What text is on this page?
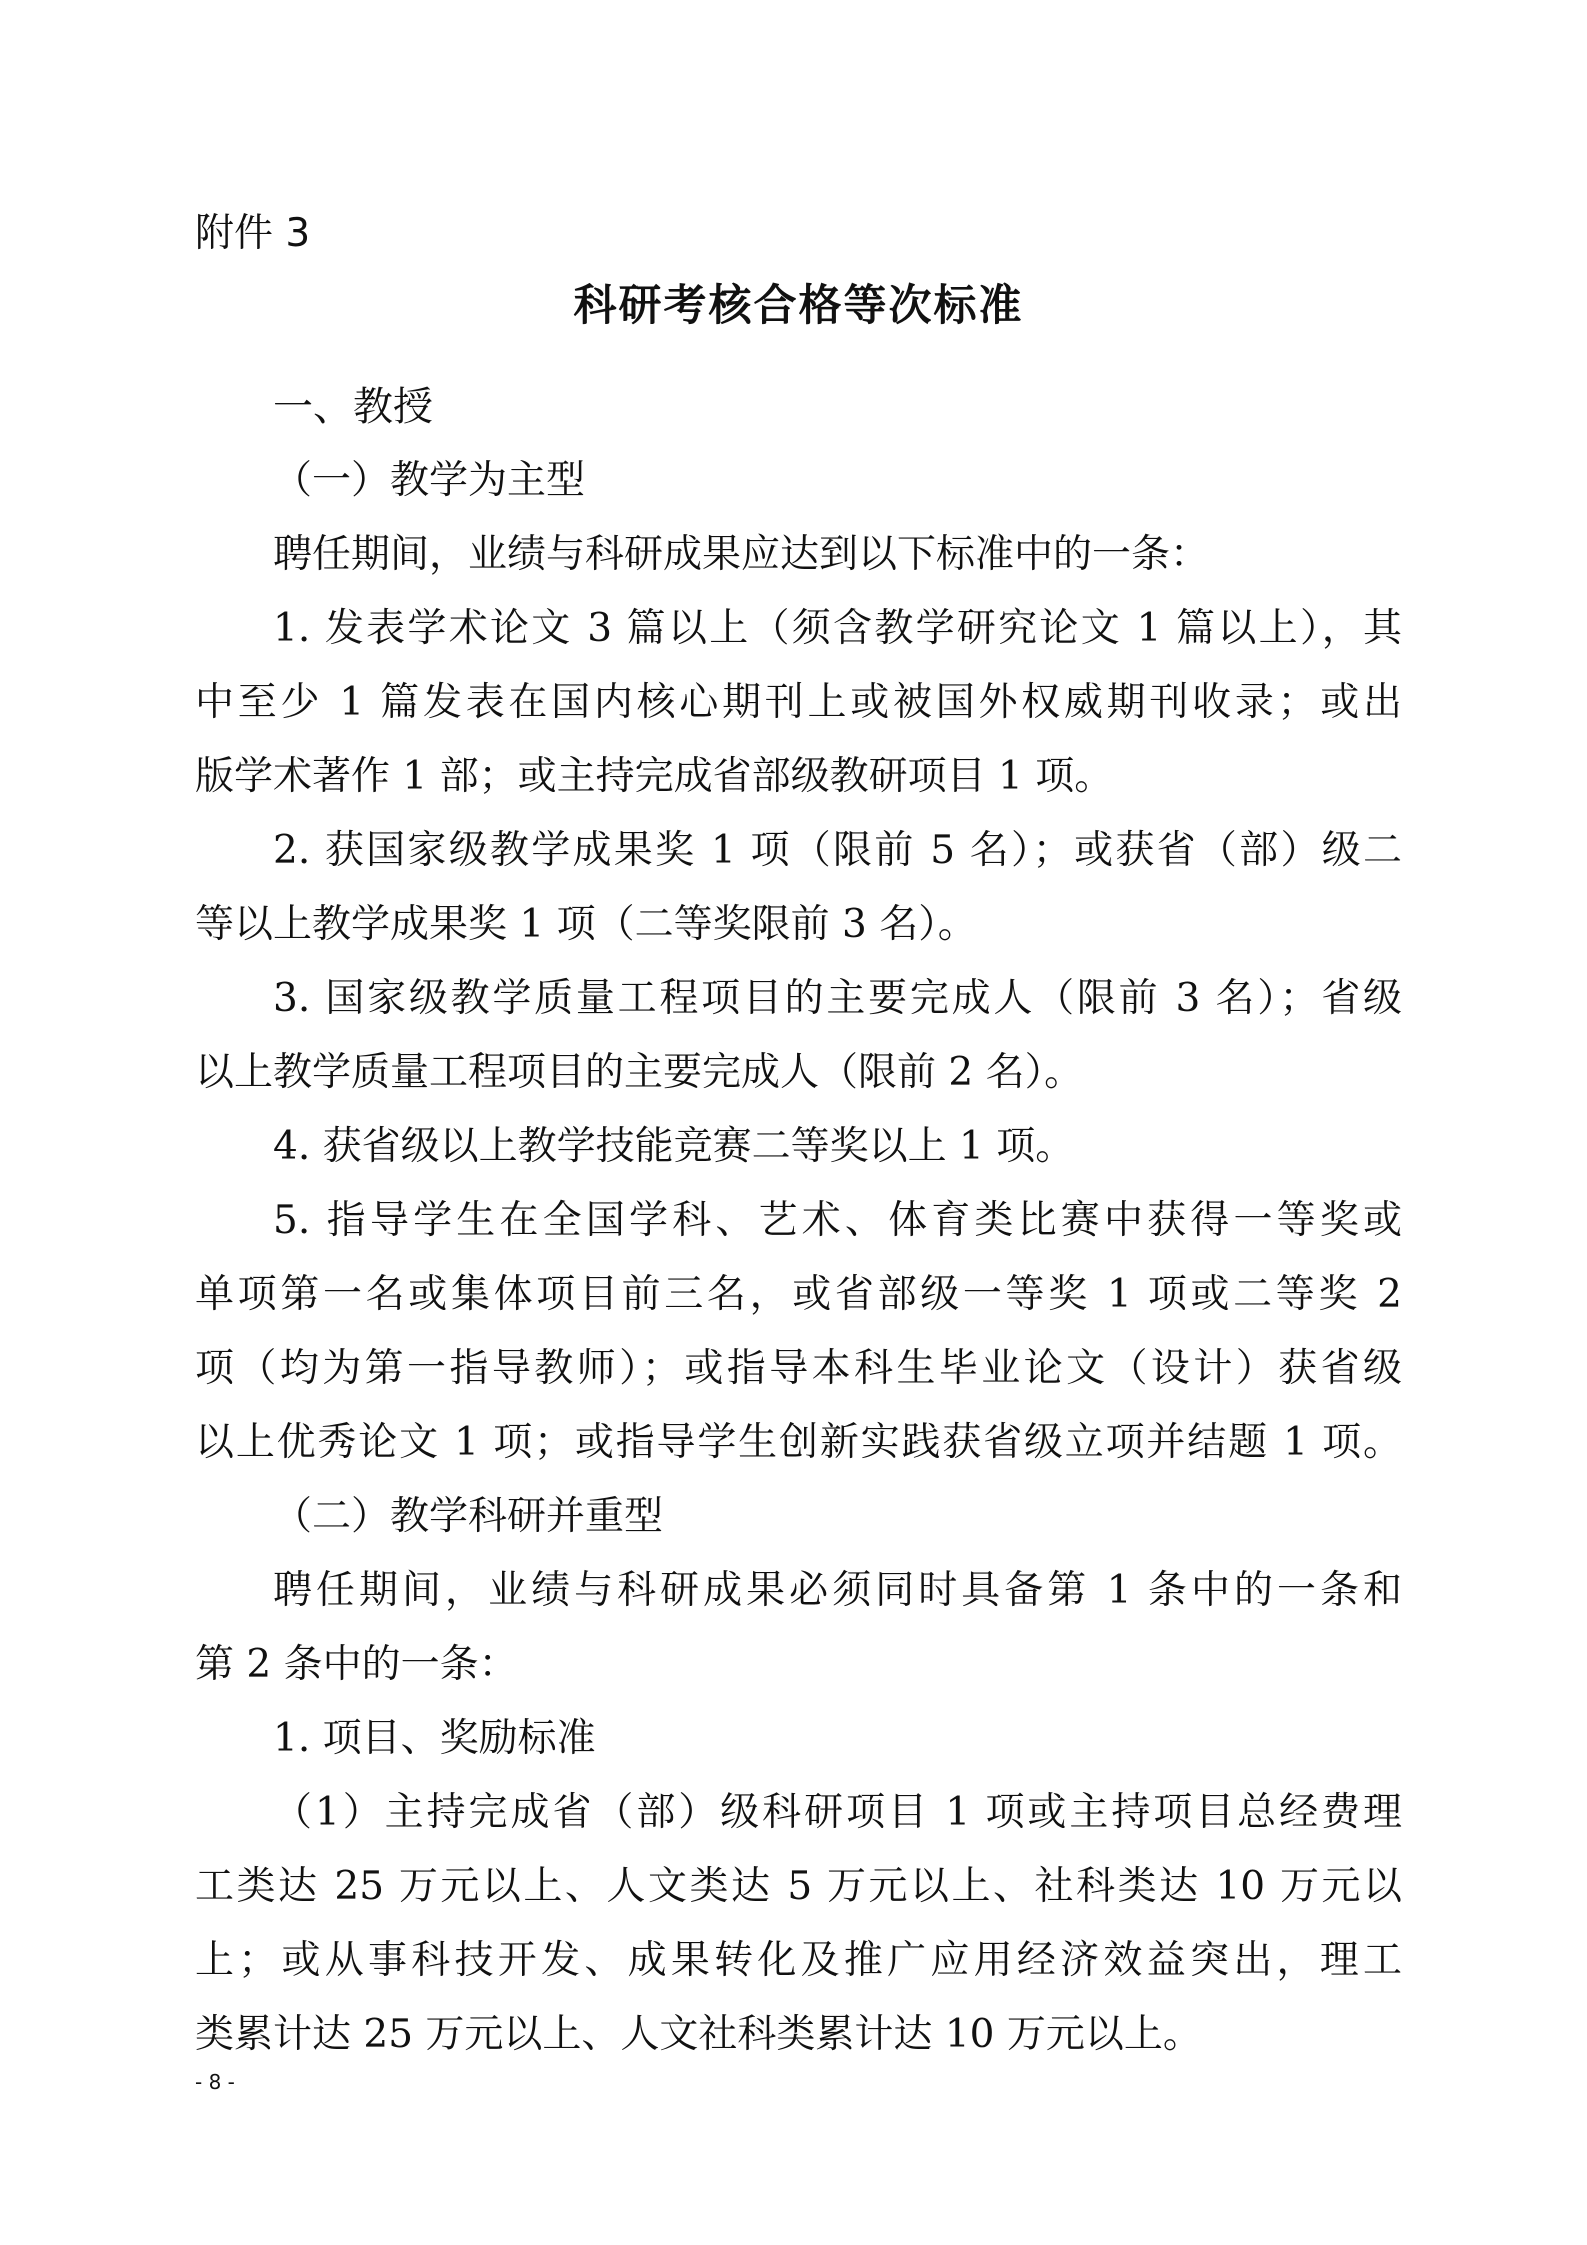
附件 3
科研考核合格等次标准
一、教授
（一）教学为主型
聘任期间，业绩与科研成果应达到以下标准中的一条：
1. 发表学术论文 3 篇以上（须含教学研究论文 1 篇以上），其
中至少 1 篇发表在国内核心期刊上或被国外权威期刊收录；或出
版学术著作 1 部；或主持完成省部级教研项目 1 项。
2. 获国家级教学成果奖 1 项（限前 5 名）；或获省（部）级二
等以上教学成果奖 1 项（二等奖限前 3 名）。
3. 国家级教学质量工程项目的主要完成人（限前 3 名）；省级
以上教学质量工程项目的主要完成人（限前 2 名）。
4. 获省级以上教学技能竞赛二等奖以上 1 项。
5. 指导学生在全国学科、艺术、体育类比赛中获得一等奖或
单项第一名或集体项目前三名，或省部级一等奖 1 项或二等奖 2
项（均为第一指导教师）；或指导本科生毕业论文（设计）获省级
以上优秀论文 1 项；或指导学生创新实践获省级立项并结题 1 项。
（二）教学科研并重型
聘任期间，业绩与科研成果必须同时具备第 1 条中的一条和
第 2 条中的一条：
1. 项目、奖励标准
（1）主持完成省（部）级科研项目 1 项或主持项目总经费理
工类达 25 万元以上、人文类达 5 万元以上、社科类达 10 万元以
上；或从事科技开发、成果转化及推广应用经济效益突出，理工
类累计达 25 万元以上、人文社科类累计达 10 万元以上。
- 8 -
